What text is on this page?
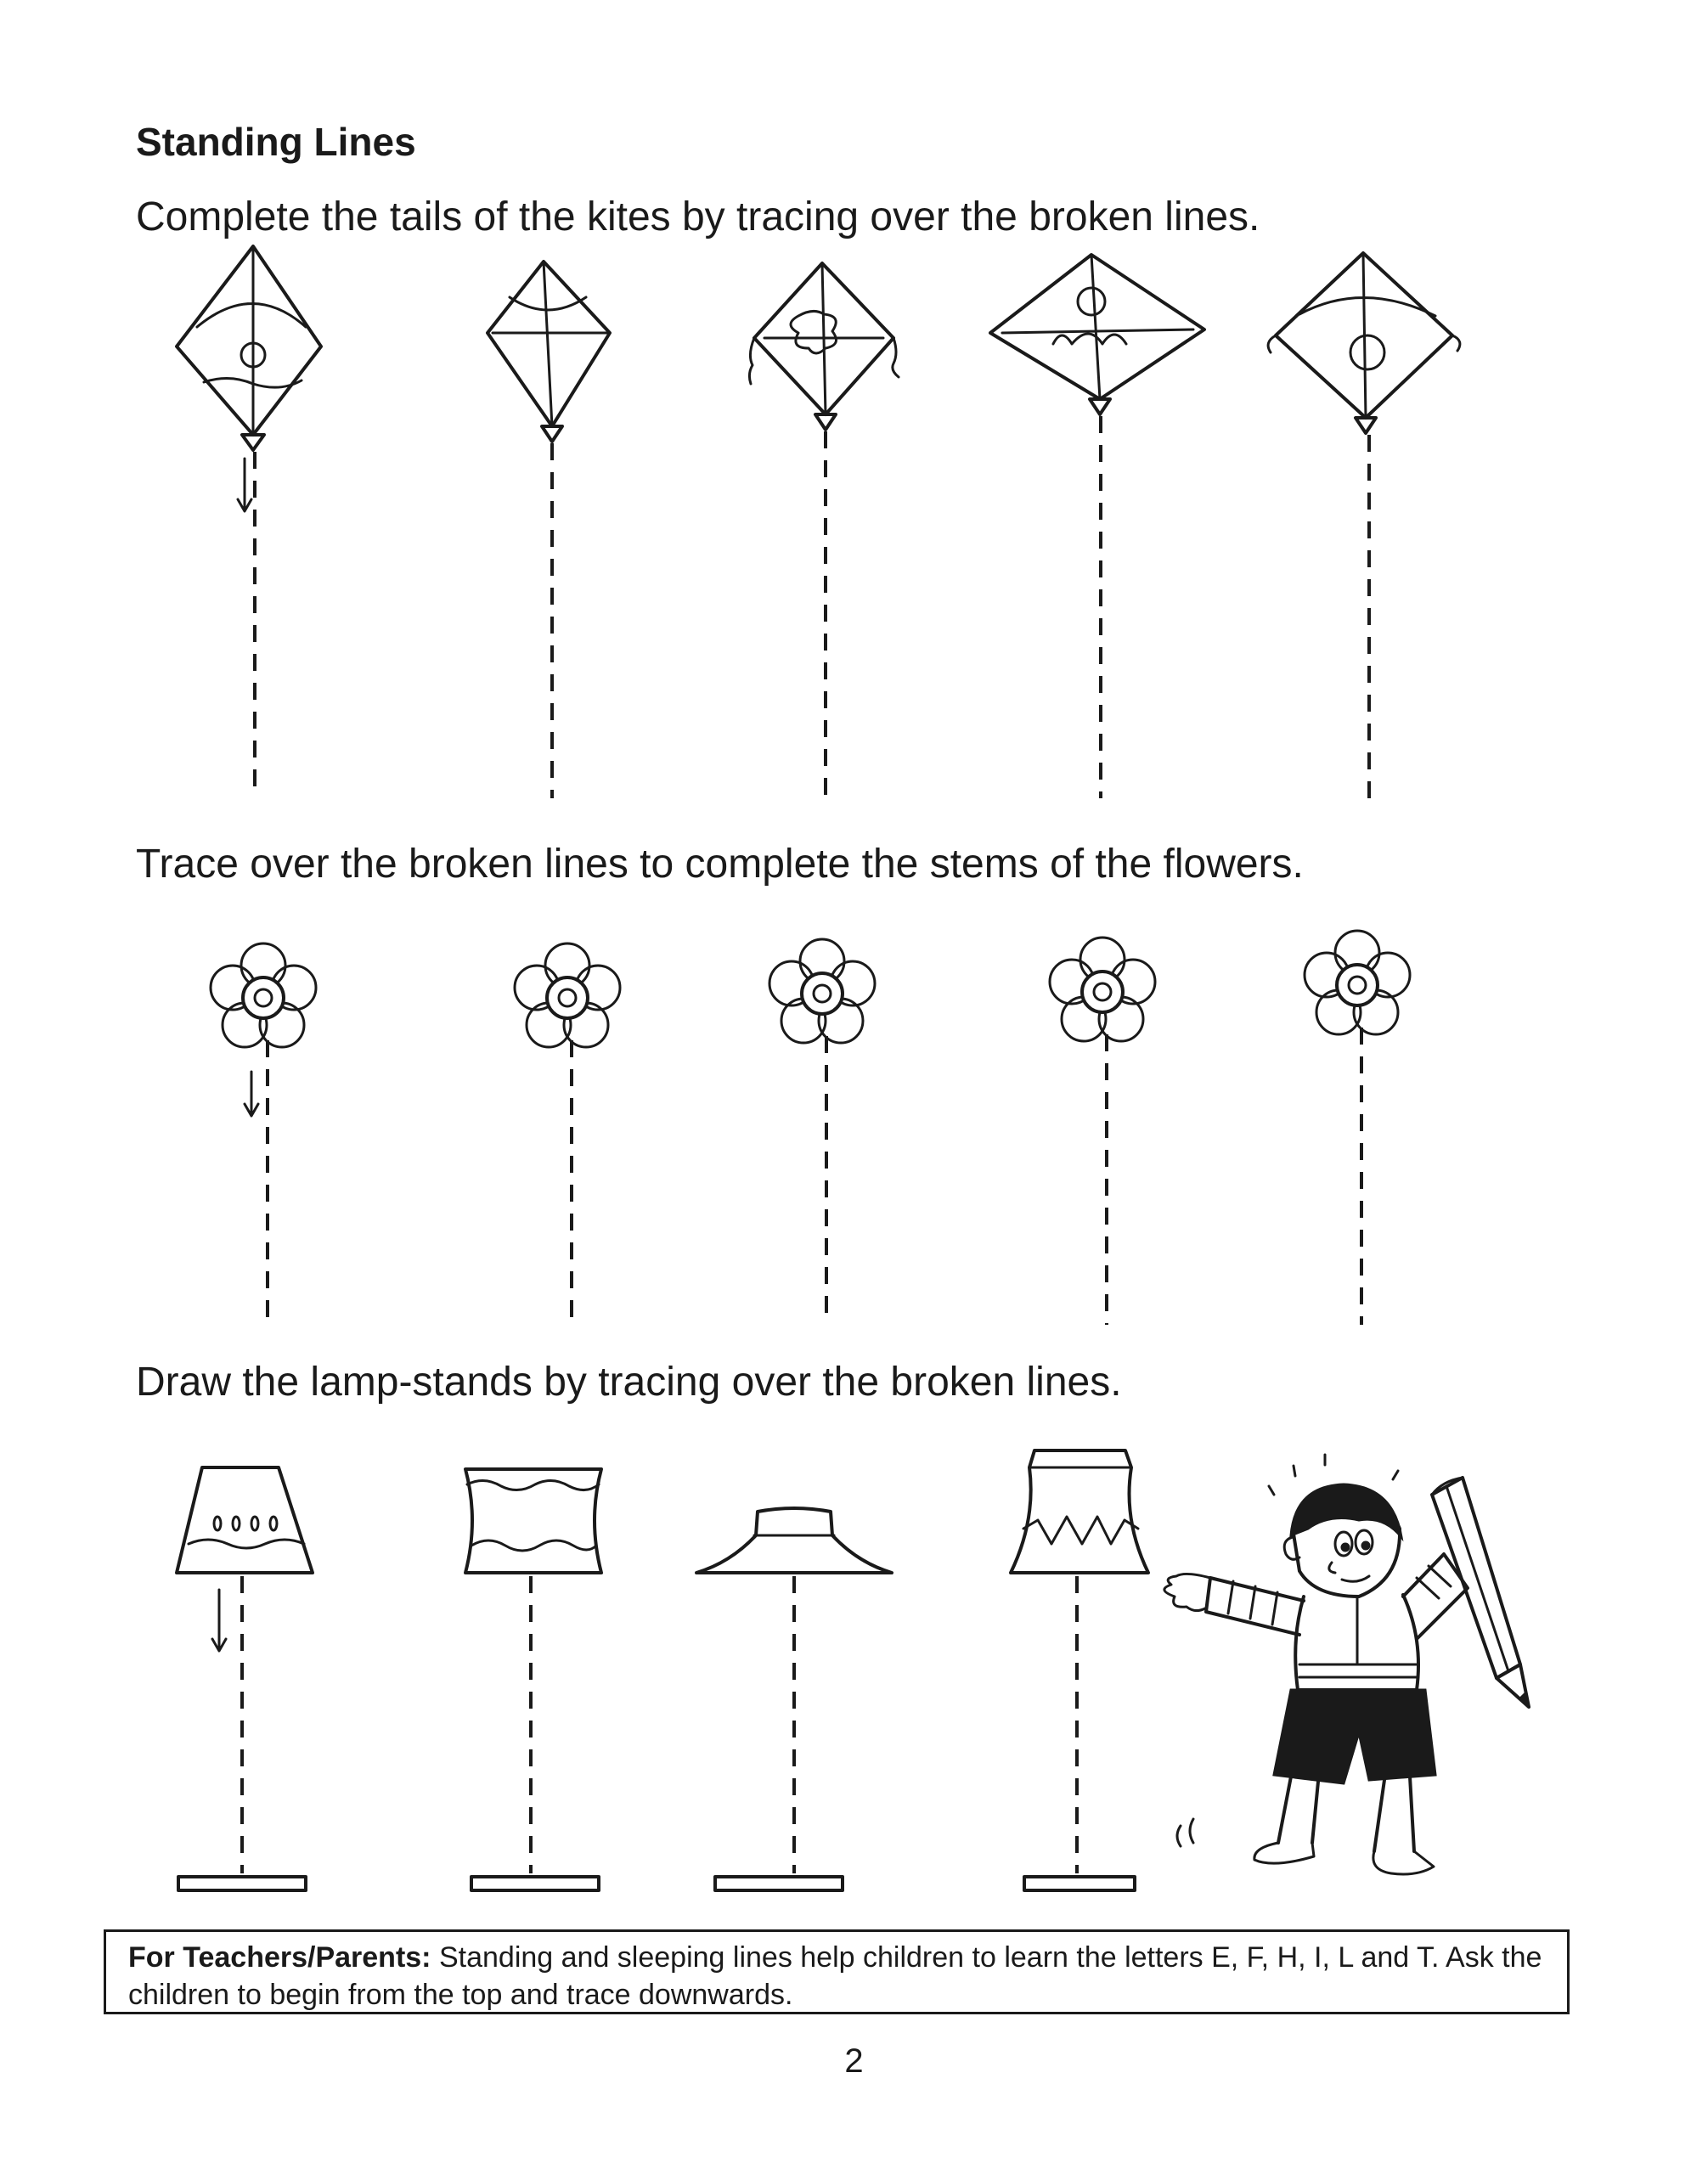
Standing Lines
Complete the tails of the kites by tracing over the broken lines.
Trace over the broken lines to complete the stems of the flowers.
Draw the lamp-stands by tracing over the broken lines.
For Teachers/Parents: Standing and sleeping lines help children to learn the letters E, F, H, I, L and T. Ask the children to begin from the top and trace downwards.
2
